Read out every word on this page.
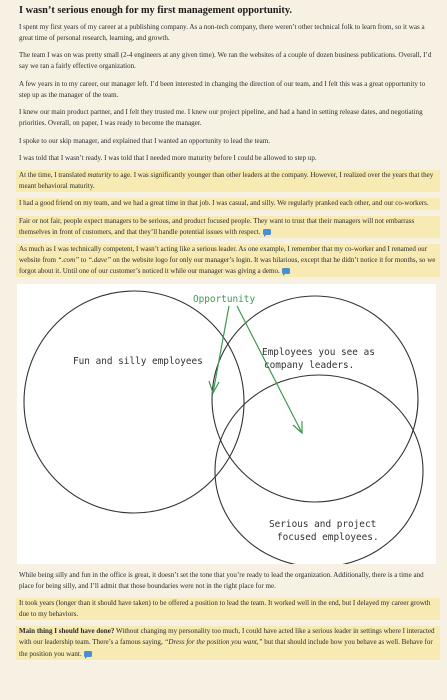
I wasn’t serious enough for my first management opportunity.

I spent my first years of my career at a publishing company. As a non-tech company, there weren’t other technical folk to learn from, so it was a great time of personal research, learning, and growth.

The team I was on was pretty small (2-4 engineers at any given time). We ran the websites of a couple of dozen business publications. Overall, I’d say we ran a fairly effective organization.

A few years in to my career, our manager left. I’d been interested in changing the direction of our team, and I felt this was a great opportunity to step up as the manager of the team.

I knew our main product partner, and I felt they trusted me. I knew our project pipeline, and had a hand in setting release dates, and negotiating priorities. Overall, on paper, I was ready to become the manager.

I spoke to our skip manager, and explained that I wanted an opportunity to lead the team.

I was told that I wasn’t ready. I was told that I needed more maturity before I could be allowed to step up.

At the time, I translated maturity to age. I was significantly younger than other leaders at the company. However, I realized over the years that they meant behavioral maturity.

I had a good friend on my team, and we had a great time in that job. I was casual, and silly. We regularly pranked each other, and our co-workers.

Fair or not fair, people expect managers to be serious, and product focused people. They want to trust that their managers will not embarrass themselves in front of customers, and that they’ll handle potential issues with respect.

As much as I was technically competent, I wasn’t acting like a serious leader. As one example, I remember that my co-worker and I renamed our website from “.com” to “.dave” on the website logo for only our manager’s login. It was hilarious, except that he didn’t notice it for months, so we forgot about it. Until one of our customer’s noticed it while our manager was giving a demo.

Opportunity
Fun and silly employees
Employees you see as
company leaders.
Serious and project
focused employees.

While being silly and fun in the office is great, it doesn’t set the tone that you’re ready to lead the organization. Additionally, there is a time and place for being silly, and I’ll admit that those boundaries were not in the right place for me.

It took years (longer than it should have taken) to be offered a position to lead the team. It worked well in the end, but I delayed my career growth due to my behaviors.

Main thing I should have done? Without changing my personality too much, I could have acted like a serious leader in settings where I interacted with our leadership team. There’s a famous saying, “Dress for the position you want,” but that should include how you behave as well. Behave for the position you want.
